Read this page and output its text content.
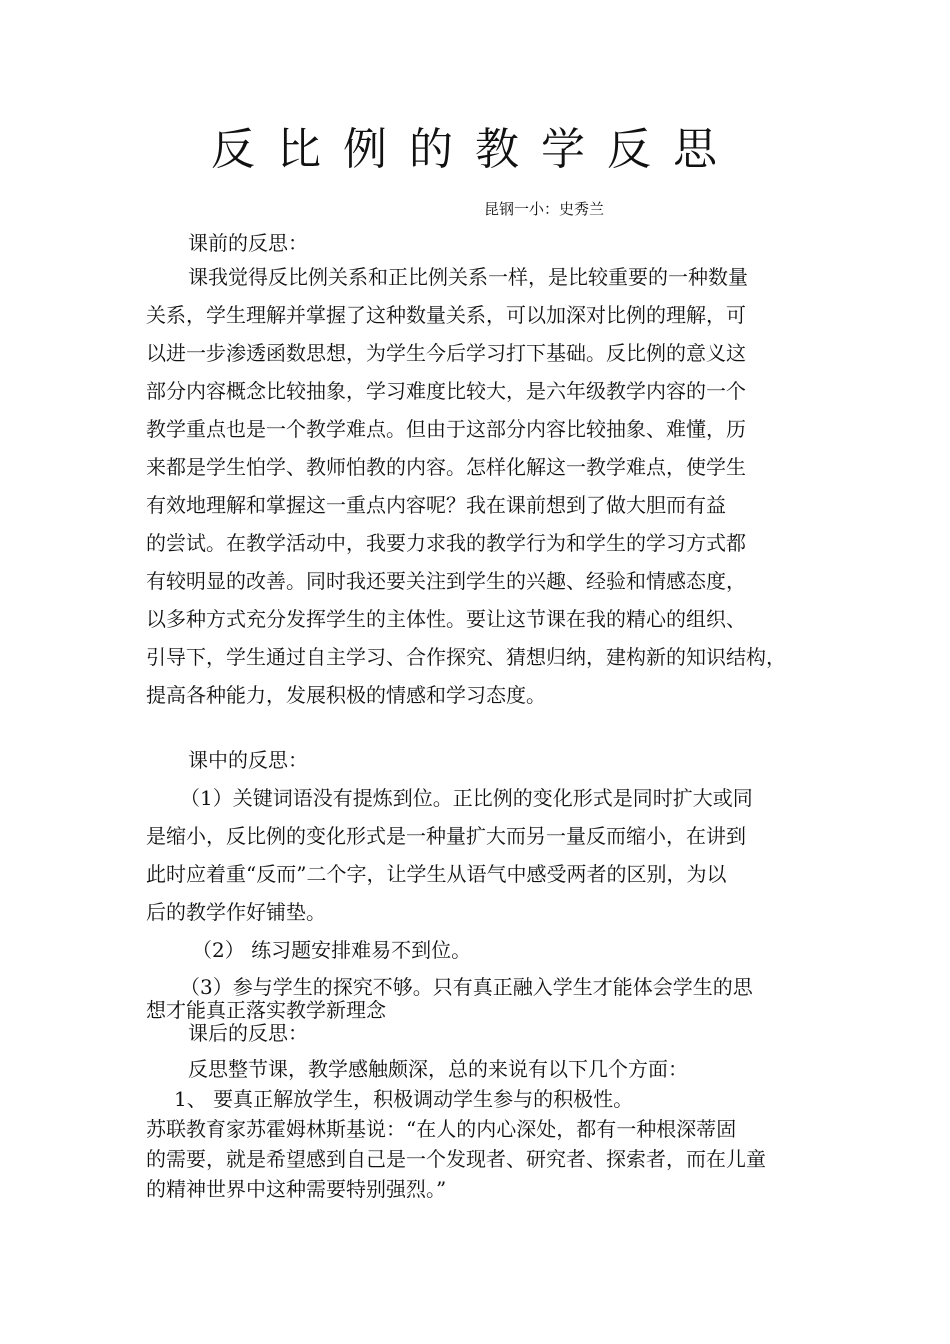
反比例的教学反思
昆钢一小：史秀兰
课前的反思：
课我觉得反比例关系和正比例关系一样，是比较重要的一种数量
关系，学生理解并掌握了这种数量关系，可以加深对比例的理解，可
以进一步渗透函数思想，为学生今后学习打下基础。反比例的意义这
部分内容概念比较抽象，学习难度比较大，是六年级教学内容的一个
教学重点也是一个教学难点。但由于这部分内容比较抽象、难懂，历
来都是学生怕学、教师怕教的内容。怎样化解这一教学难点，使学生
有效地理解和掌握这一重点内容呢？我在课前想到了做大胆而有益
的尝试。在教学活动中，我要力求我的教学行为和学生的学习方式都
有较明显的改善。同时我还要关注到学生的兴趣、经验和情感态度，
以多种方式充分发挥学生的主体性。要让这节课在我的精心的组织、
引导下，学生通过自主学习、合作探究、猜想归纳，建构新的知识结构，
提高各种能力，发展积极的情感和学习态度。
课中的反思：
（1）关键词语没有提炼到位。正比例的变化形式是同时扩大或同
是缩小，反比例的变化形式是一种量扩大而另一量反而缩小，在讲到
此时应着重“反而”二个字，让学生从语气中感受两者的区别，为以
后的教学作好铺垫。
（2） 练习题安排难易不到位。
（3）参与学生的探究不够。只有真正融入学生才能体会学生的思
想才能真正落实教学新理念
课后的反思：
反思整节课，教学感触颇深，总的来说有以下几个方面：
1、 要真正解放学生，积极调动学生参与的积极性。
苏联教育家苏霍姆林斯基说：“在人的内心深处，都有一种根深蒂固
的需要，就是希望感到自己是一个发现者、研究者、探索者，而在儿童
的精神世界中这种需要特别强烈。”
